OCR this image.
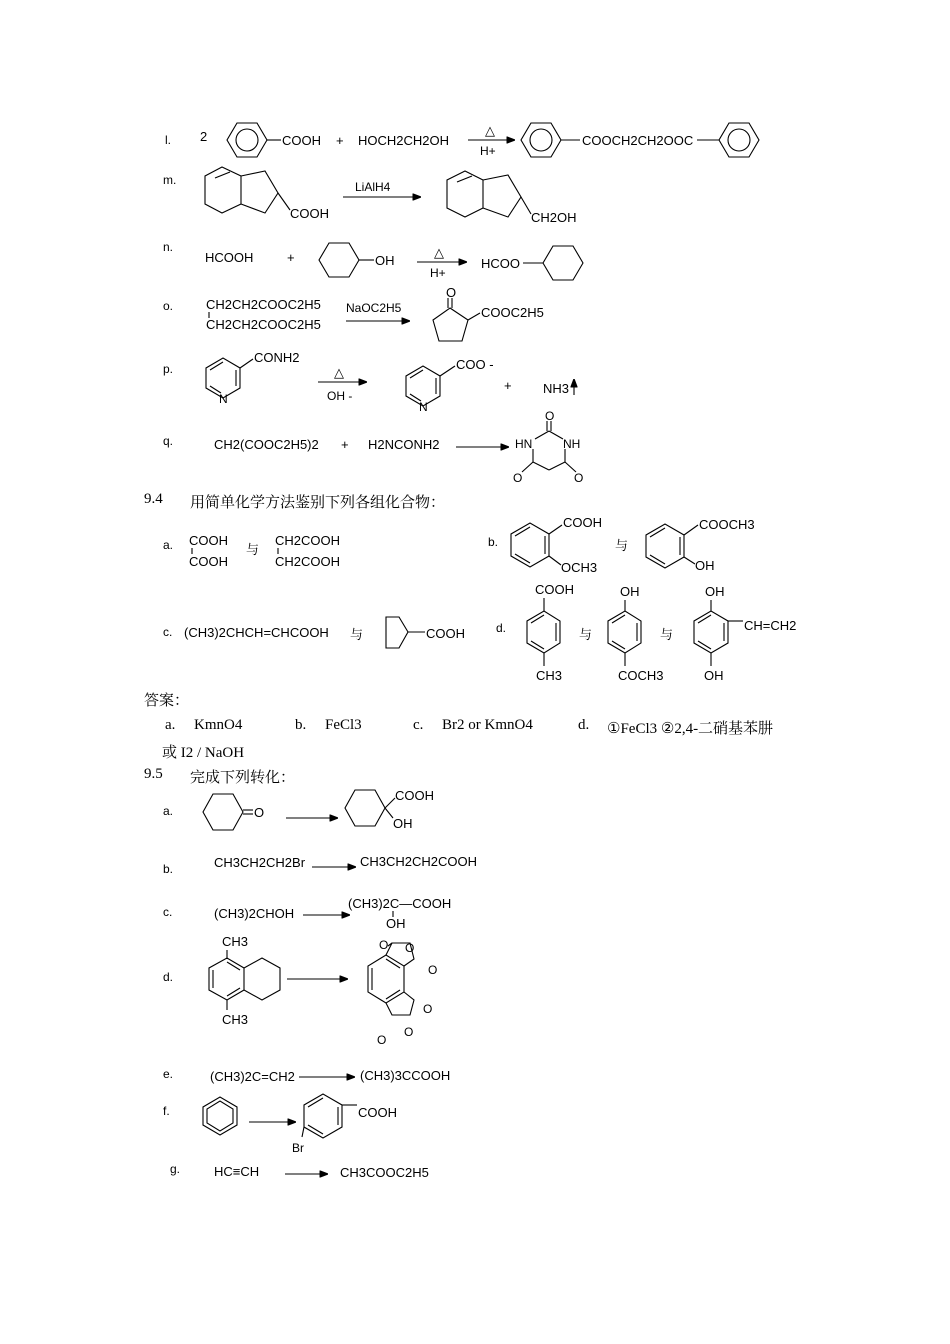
l. 2	COOH + HOCH2CH2OH
△
H+
COOCH2CH2OOC
m.
COOH
LiAlH4
CH2OH
n.
HCOOH	+	OH
△
H+
HCOO
o.	CH2CH2COOC2H5
CH2CH2COOC2H5
NaOC2H5
O
COOC2H5
p.
N
CONH2
△
OH -
N
COO -
+ NH3
q.	CH2(COOC2H5)2 + H2NCONH2
O
HN	NH
O	O
a. COOH
COOH
与
CH2COOH
CH2COOH
b.
COOH
OCH3
与
COOCH3
OH
c. (CH3)2CHCH=CHCOOH 与	COOH	d.
COOH
CH3
与
OH
COCH3
与
OH
CH=CH2
OH
a.	O
COOH
OH
b.	CH3CH2CH2Br	CH3CH2CH2COOH
c.	(CH3)2CHOH
(CH3)2C—COOH
OH
d.
CH3
CH3
O O
O
O
O
O
e.	(CH3)2C=CH2	(CH3)3CCOOH
f.	COOH
Br
g.	HC≡CH	CH3COOC2H5
9.4 用简单化学方法鉴别下列各组化合物：
答案：
a. KmnO4	b. FeCl3	c. Br2 or KmnO4	d. ①FeCl3 ②2,4-二硝基苯肼
或 I2 / NaOH
9.5 完成下列转化：
